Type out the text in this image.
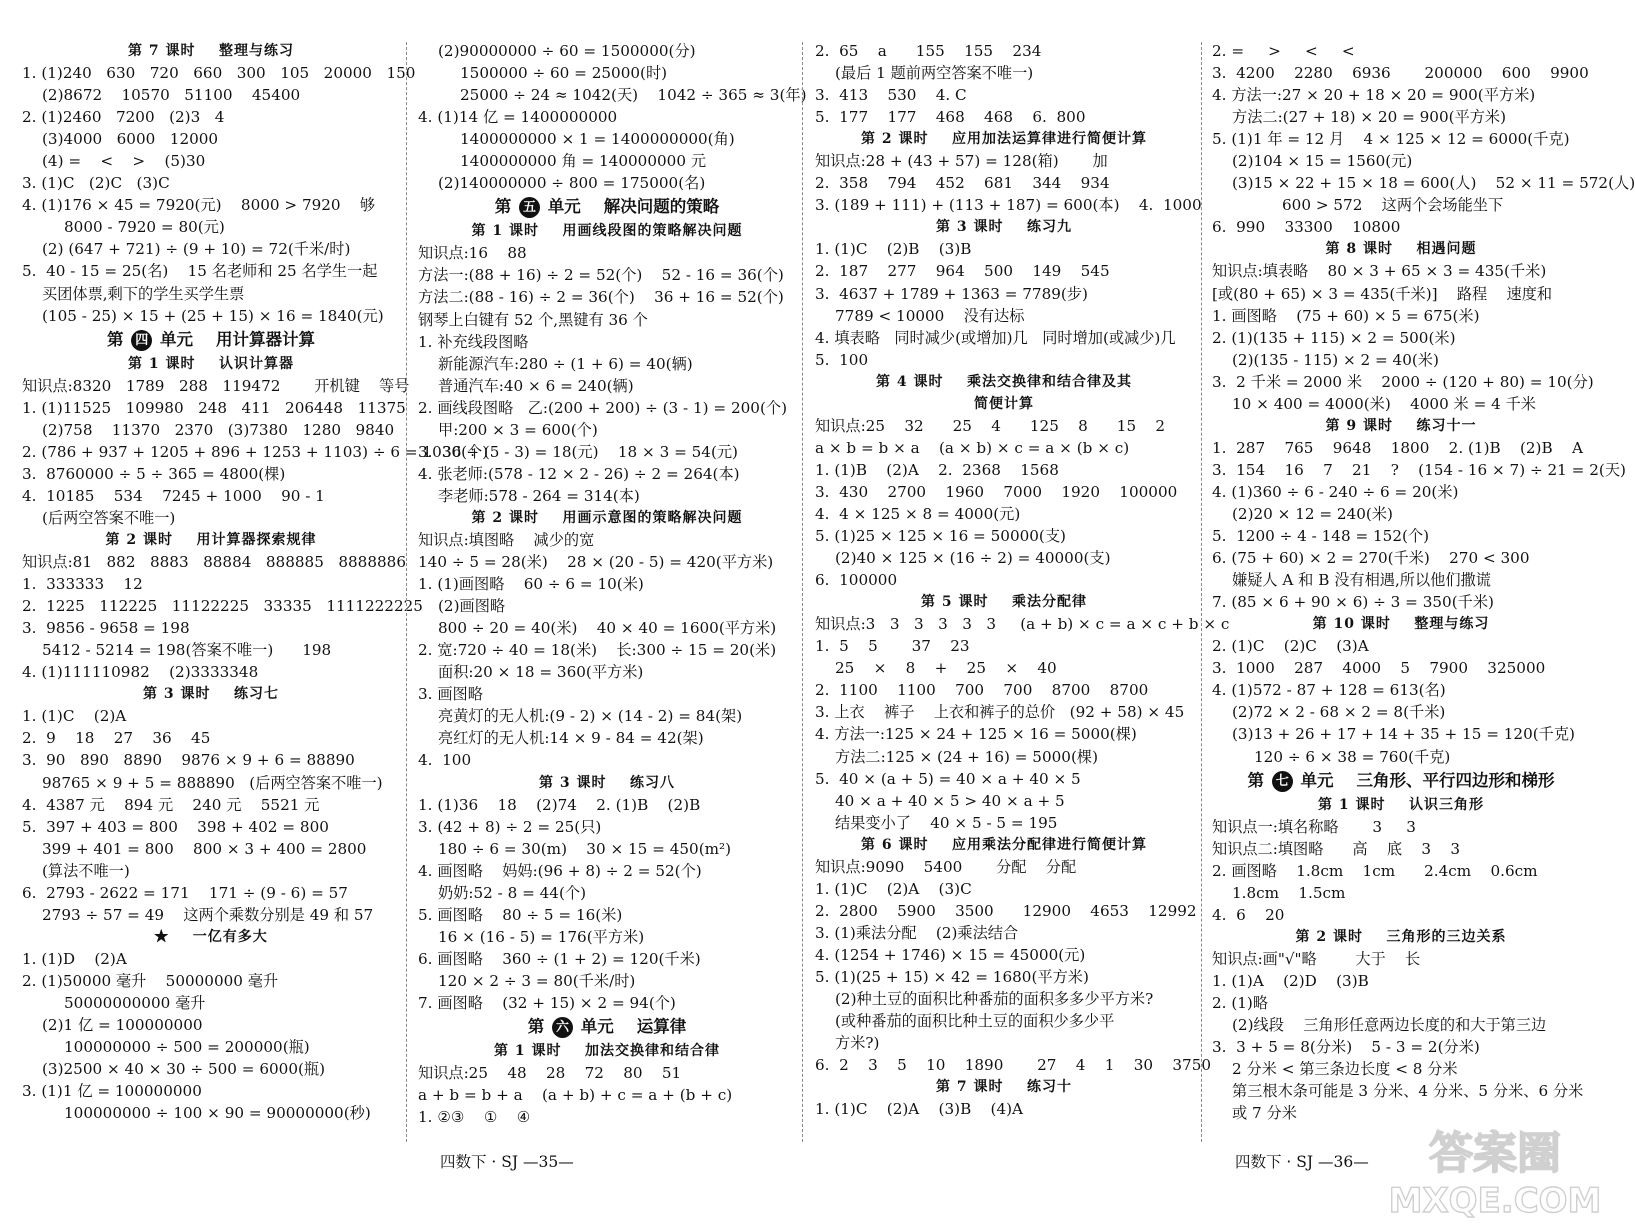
第 7 课时    整理与练习
1. (1)240   630   720   660   300   105   20000   150
(2)8672    10570   51100    45400
2. (1)2460   7200   (2)3   4
(3)4000   6000   12000
(4) =    <    >    (5)30
3. (1)C   (2)C   (3)C
4. (1)176 × 45 = 7920(元)    8000 > 7920    够
8000 - 7920 = 80(元)
(2) (647 + 721) ÷ (9 + 10) = 72(千米/时)
5.  40 - 15 = 25(名)    15 名老师和 25 名学生一起
买团体票,剩下的学生买学生票
(105 - 25) × 15 + (25 + 15) × 16 = 1840(元)
第 四 单元    用计算器计算
第 1 课时    认识计算器
知识点:8320   1789   288   119472       开机键    等号
1. (1)11525   109980   248   411   206448   11375
(2)758    11370   2370   (3)7380   1280   9840
2. (786 + 937 + 1205 + 896 + 1253 + 1103) ÷ 6 = 1030(个)
3.  8760000 ÷ 5 ÷ 365 = 4800(棵)
4.  10185    534    7245 + 1000    90 - 1
(后两空答案不唯一)
第 2 课时    用计算器探索规律
知识点:81   882   8883   88884   888885   8888886
1.  333333    12
2.  1225   112225   11122225   33335   1111222225
3.  9856 - 9658 = 198
5412 - 5214 = 198(答案不唯一)      198
4. (1)111110982    (2)3333348
第 3 课时    练习七
1. (1)C    (2)A
2.  9    18    27    36    45
3.  90   890   8890    9876 × 9 + 6 = 88890
98765 × 9 + 5 = 888890   (后两空答案不唯一)
4.  4387 元    894 元    240 元    5521 元
5.  397 + 403 = 800    398 + 402 = 800
399 + 401 = 800    800 × 3 + 400 = 2800
(算法不唯一)
6.  2793 - 2622 = 171    171 ÷ (9 - 6) = 57
2793 ÷ 57 = 49    这两个乘数分别是 49 和 57
★    一亿有多大
1. (1)D    (2)A
2. (1)50000 毫升    50000000 毫升
50000000000 毫升
(2)1 亿 = 100000000
100000000 ÷ 500 = 200000(瓶)
(3)2500 × 40 × 30 ÷ 500 = 6000(瓶)
3. (1)1 亿 = 100000000
100000000 ÷ 100 × 90 = 90000000(秒)
(2)90000000 ÷ 60 = 1500000(分)
1500000 ÷ 60 = 25000(时)
25000 ÷ 24 ≈ 1042(天)    1042 ÷ 365 ≈ 3(年)
4. (1)14 亿 = 1400000000
1400000000 × 1 = 1400000000(角)
1400000000 角 = 140000000 元
(2)140000000 ÷ 800 = 175000(名)
第 五 单元    解决问题的策略
第 1 课时    用画线段图的策略解决问题
知识点:16    88
方法一:(88 + 16) ÷ 2 = 52(个)    52 - 16 = 36(个)
方法二:(88 - 16) ÷ 2 = 36(个)    36 + 16 = 52(个)
钢琴上白键有 52 个,黑键有 36 个
1. 补充线段图略
新能源汽车:280 ÷ (1 + 6) = 40(辆)
普通汽车:40 × 6 = 240(辆)
2. 画线段图略   乙:(200 + 200) ÷ (3 - 1) = 200(个)
甲:200 × 3 = 600(个)
3.  36 ÷ (5 - 3) = 18(元)    18 × 3 = 54(元)
4. 张老师:(578 - 12 × 2 - 26) ÷ 2 = 264(本)
李老师:578 - 264 = 314(本)
第 2 课时    用画示意图的策略解决问题
知识点:填图略    减少的宽
140 ÷ 5 = 28(米)    28 × (20 - 5) = 420(平方米)
1. (1)画图略    60 ÷ 6 = 10(米)
(2)画图略
800 ÷ 20 = 40(米)    40 × 40 = 1600(平方米)
2. 宽:720 ÷ 40 = 18(米)    长:300 ÷ 15 = 20(米)
面积:20 × 18 = 360(平方米)
3. 画图略
亮黄灯的无人机:(9 - 2) × (14 - 2) = 84(架)
亮红灯的无人机:14 × 9 - 84 = 42(架)
4.  100
第 3 课时    练习八
1. (1)36    18    (2)74    2. (1)B    (2)B
3. (42 + 8) ÷ 2 = 25(只)
180 ÷ 6 = 30(m)    30 × 15 = 450(m²)
4. 画图略    妈妈:(96 + 8) ÷ 2 = 52(个)
奶奶:52 - 8 = 44(个)
5. 画图略    80 ÷ 5 = 16(米)
16 × (16 - 5) = 176(平方米)
6. 画图略    360 ÷ (1 + 2) = 120(千米)
120 × 2 ÷ 3 = 80(千米/时)
7. 画图略    (32 + 15) × 2 = 94(个)
第 六 单元    运算律
第 1 课时    加法交换律和结合律
知识点:25    48    28    72    80    51
a + b = b + a    (a + b) + c = a + (b + c)
1. ②③    ①    ④
2.  65    a      155    155    234
(最后 1 题前两空答案不唯一)
3.  413    530    4. C
5.  177    177    468    468    6.  800
第 2 课时    应用加法运算律进行简便计算
知识点:28 + (43 + 57) = 128(箱)       加
2.  358    794    452    681    344    934
3. (189 + 111) + (113 + 187) = 600(本)    4.  1000
第 3 课时    练习九
1. (1)C    (2)B    (3)B
2.  187    277    964    500    149    545
3.  4637 + 1789 + 1363 = 7789(步)
7789 < 10000    没有达标
4. 填表略   同时减少(或增加)几   同时增加(或减少)几
5.  100
第 4 课时    乘法交换律和结合律及其
简便计算
知识点:25    32      25    4      125    8      15    2
a × b = b × a    (a × b) × c = a × (b × c)
1. (1)B    (2)A    2.  2368    1568
3.  430    2700    1960    7000    1920    100000
4.  4 × 125 × 8 = 4000(元)
5. (1)25 × 125 × 16 = 50000(支)
(2)40 × 125 × (16 ÷ 2) = 40000(支)
6.  100000
第 5 课时    乘法分配律
知识点:3   3   3   3   3   3     (a + b) × c = a × c + b × c
1.  5    5       37    23
25    ×    8    +    25    ×    40
2.  1100    1100    700    700    8700    8700
3. 上衣    裤子    上衣和裤子的总价   (92 + 58) × 45
4. 方法一:125 × 24 + 125 × 16 = 5000(棵)
方法二:125 × (24 + 16) = 5000(棵)
5.  40 × (a + 5) = 40 × a + 40 × 5
40 × a + 40 × 5 > 40 × a + 5
结果变小了    40 × 5 - 5 = 195
第 6 课时    应用乘法分配律进行简便计算
知识点:9090    5400       分配    分配
1. (1)C    (2)A    (3)C
2.  2800    5900    3500      12900    4653    12992
3. (1)乘法分配    (2)乘法结合
4. (1254 + 1746) × 15 = 45000(元)
5. (1)(25 + 15) × 42 = 1680(平方米)
(2)种土豆的面积比种番茄的面积多多少平方米?
(或种番茄的面积比种土豆的面积少多少平
方米?)
6.  2    3    5    10    1890       27    4    1    30    3750
第 7 课时    练习十
1. (1)C    (2)A    (3)B    (4)A
2. =     >     <     <
3.  4200    2280    6936       200000    600    9900
4. 方法一:27 × 20 + 18 × 20 = 900(平方米)
方法二:(27 + 18) × 20 = 900(平方米)
5. (1)1 年 = 12 月    4 × 125 × 12 = 6000(千克)
(2)104 × 15 = 1560(元)
(3)15 × 22 + 15 × 18 = 600(人)    52 × 11 = 572(人)
600 > 572    这两个会场能坐下
6.  990    33300    10800
第 8 课时    相遇问题
知识点:填表略    80 × 3 + 65 × 3 = 435(千米)
[或(80 + 65) × 3 = 435(千米)]    路程    速度和
1. 画图略    (75 + 60) × 5 = 675(米)
2. (1)(135 + 115) × 2 = 500(米)
(2)(135 - 115) × 2 = 40(米)
3.  2 千米 = 2000 米    2000 ÷ (120 + 80) = 10(分)
10 × 400 = 4000(米)    4000 米 = 4 千米
第 9 课时    练习十一
1.  287    765    9648    1800    2. (1)B    (2)B    A
3.  154    16    7    21    ?    (154 - 16 × 7) ÷ 21 = 2(天)
4. (1)360 ÷ 6 - 240 ÷ 6 = 20(米)
(2)20 × 12 = 240(米)
5.  1200 ÷ 4 - 148 = 152(个)
6. (75 + 60) × 2 = 270(千米)    270 < 300
嫌疑人 A 和 B 没有相遇,所以他们撒谎
7. (85 × 6 + 90 × 6) ÷ 3 = 350(千米)
第 10 课时    整理与练习
2. (1)C    (2)C    (3)A
3.  1000    287    4000    5    7900    325000
4. (1)572 - 87 + 128 = 613(名)
(2)72 × 2 - 68 × 2 = 8(千米)
(3)13 + 26 + 17 + 14 + 35 + 15 = 120(千克)
120 ÷ 6 × 38 = 760(千克)
第 七 单元    三角形、平行四边形和梯形
第 1 课时    认识三角形
知识点一:填名称略       3     3
知识点二:填图略      高    底    3    3
2. 画图略    1.8cm    1cm      2.4cm    0.6cm
1.8cm    1.5cm
4.  6    20
第 2 课时    三角形的三边关系
知识点:画"√"略        大于    长
1. (1)A    (2)D    (3)B
2. (1)略
(2)线段    三角形任意两边长度的和大于第三边
3.  3 + 5 = 8(分米)    5 - 3 = 2(分米)
2 分米 < 第三条边长度 < 8 分米
第三根木条可能是 3 分米、4 分米、5 分米、6 分米
或 7 分米
四数下 · SJ —35—	四数下 · SJ —36— 答案圈
MXQE.COM
